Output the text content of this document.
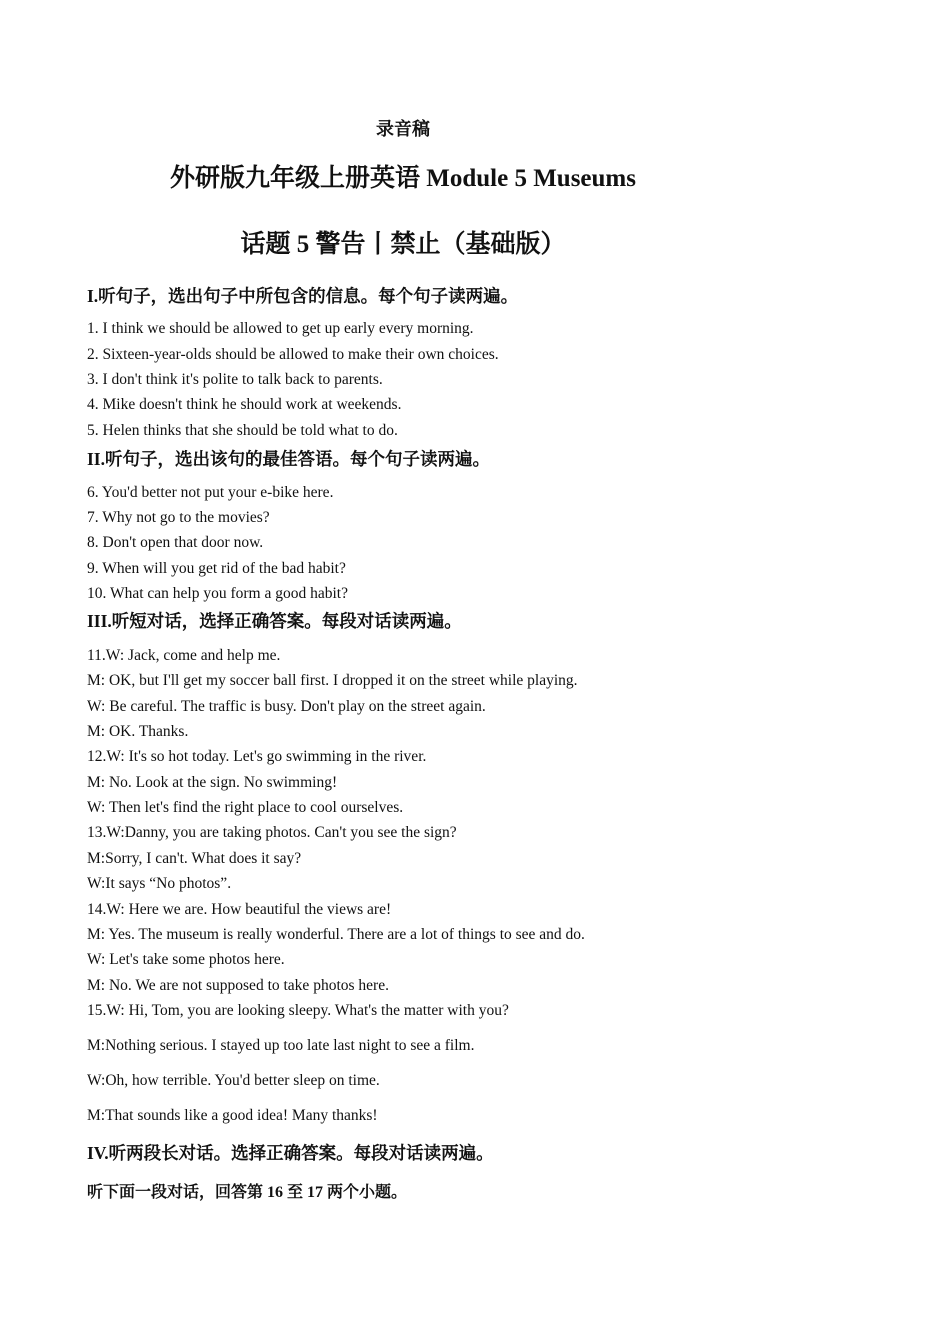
录音稿
外研版九年级上册英语 Module 5 Museums
话题 5 警告丨禁止（基础版）
I.听句子，选出句子中所包含的信息。每个句子读两遍。
1. I think we should be allowed to get up early every morning.
2. Sixteen-year-olds should be allowed to make their own choices.
3. I don't think it's polite to talk back to parents.
4. Mike doesn't think he should work at weekends.
5. Helen thinks that she should be told what to do.
II.听句子，选出该句的最佳答语。每个句子读两遍。
6. You'd better not put your e-bike here.
7. Why not go to the movies?
8. Don't open that door now.
9. When will you get rid of the bad habit?
10. What can help you form a good habit?
III.听短对话，选择正确答案。每段对话读两遍。
11.W: Jack, come and help me.
M: OK, but I'll get my soccer ball first. I dropped it on the street while playing.
W: Be careful. The traffic is busy. Don't play on the street again.
M: OK. Thanks.
12.W: It's so hot today. Let's go swimming in the river.
M: No. Look at the sign. No swimming!
W: Then let's find the right place to cool ourselves.
13.W:Danny, you are taking photos. Can't you see the sign?
M:Sorry, I can't. What does it say?
W:It says “No photos”.
14.W: Here we are. How beautiful the views are!
M: Yes. The museum is really wonderful. There are a lot of things to see and do.
W: Let's take some photos here.
M: No. We are not supposed to take photos here.
15.W: Hi, Tom, you are looking sleepy. What's the matter with you?
M:Nothing serious. I stayed up too late last night to see a film.
W:Oh, how terrible. You'd better sleep on time.
M:That sounds like a good idea! Many thanks!
IV.听两段长对话。选择正确答案。每段对话读两遍。
听下面一段对话，回答第 16 至 17 两个小题。
